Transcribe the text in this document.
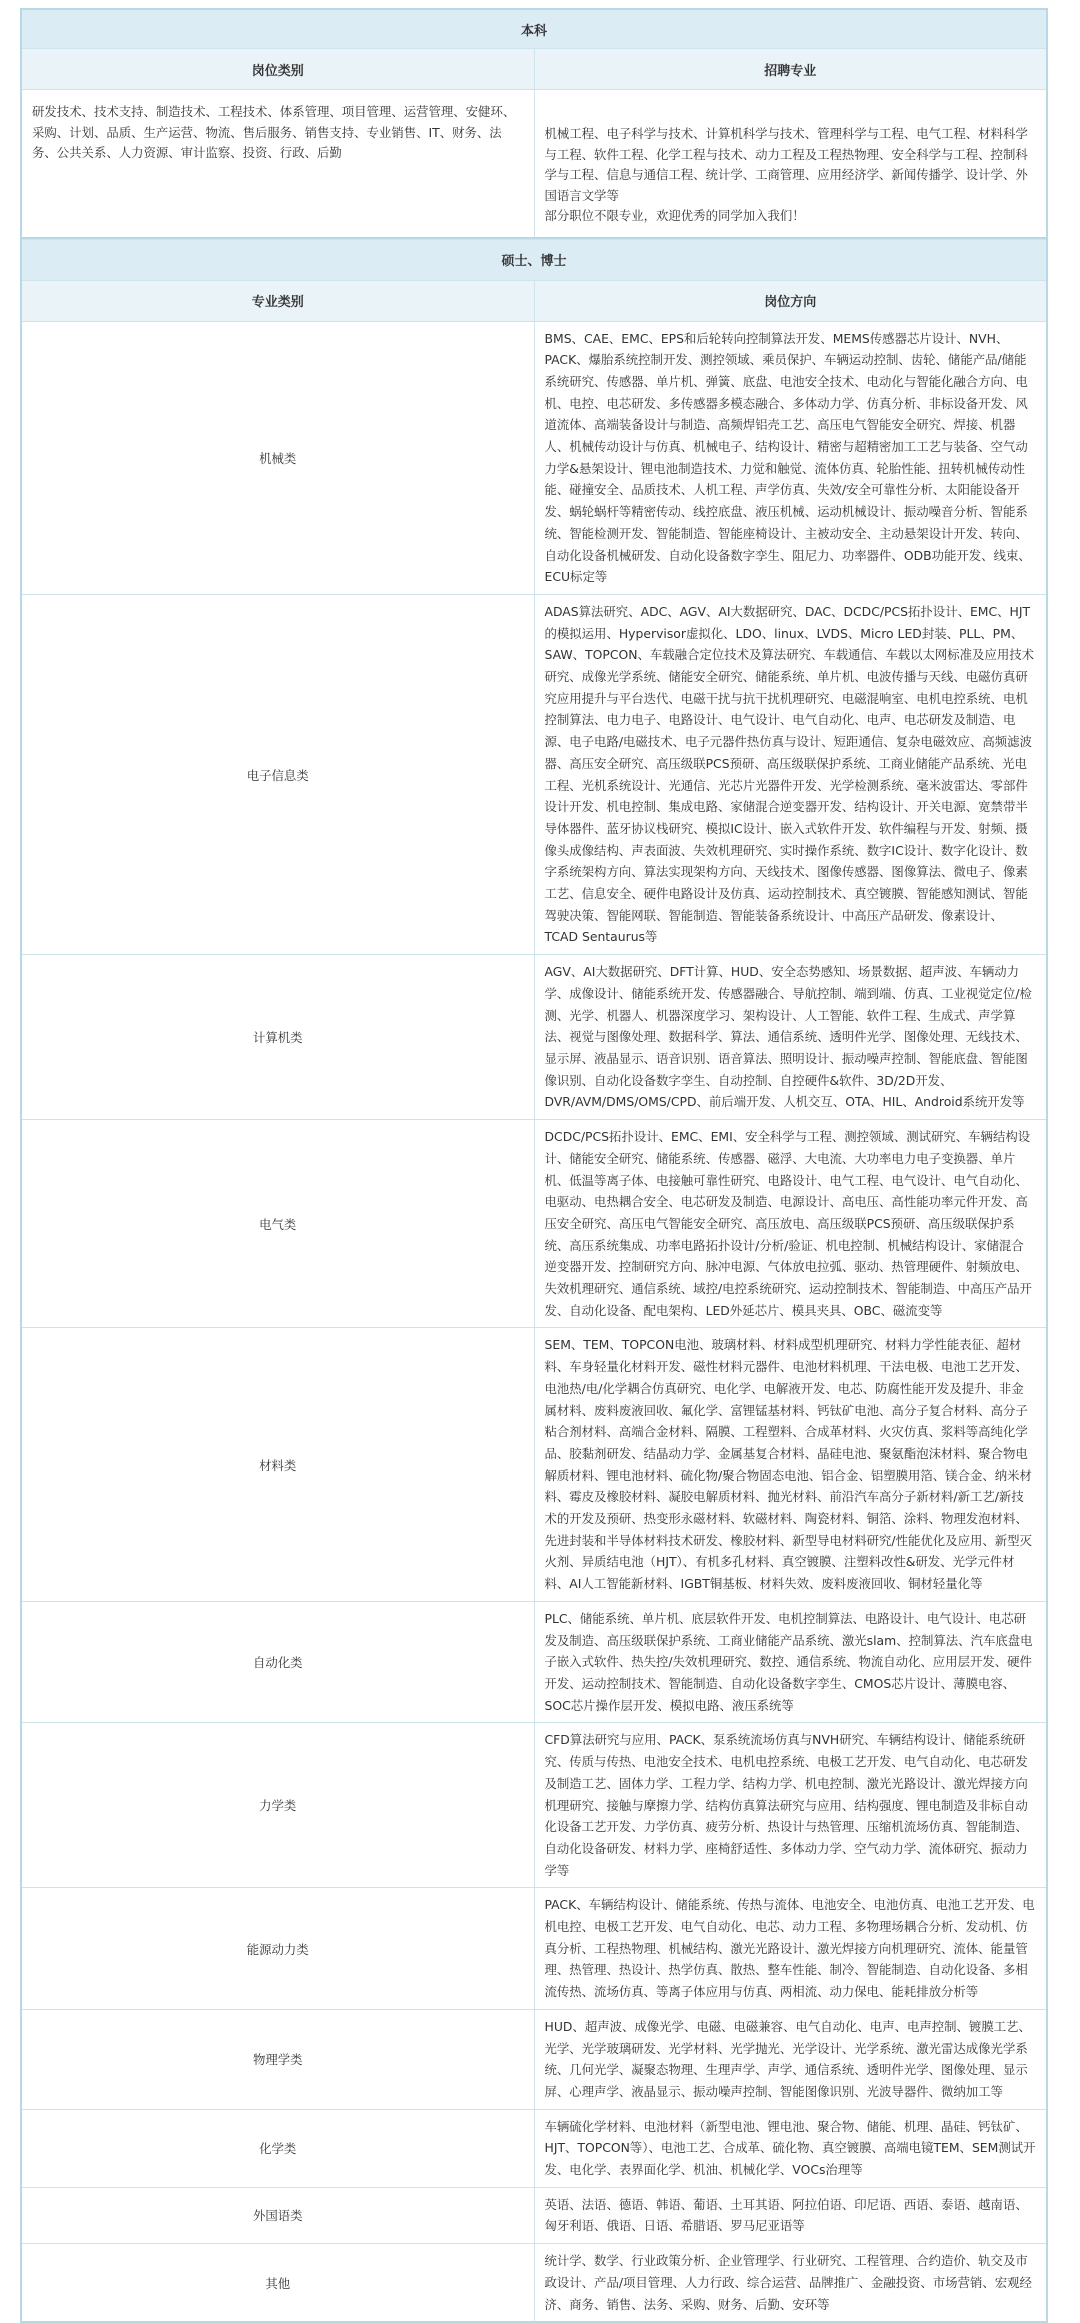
本科	
岗位类别	招聘专业
研发技术、技术支持、制造技术、工程技术、体系管理、项目管理、运营管理、安健环、采购、计划、品质、生产运营、物流、售后服务、销售支持、专业销售、IT、财务、法务、公共关系、人力资源、审计监察、投资、行政、后勤	机械工程、电子科学与技术、计算机科学与技术、管理科学与工程、电气工程、材料科学与工程、软件工程、化学工程与技术、动力工程及工程热物理、安全科学与工程、控制科学与工程、信息与通信工程、统计学、工商管理、应用经济学、新闻传播学、设计学、外国语言文学等
部分职位不限专业，欢迎优秀的同学加入我们！
硕士、博士	
专业类别	岗位方向
机械类	BMS、CAE、EMC、EPS和后轮转向控制算法开发、MEMS传感器芯片设计、NVH、PACK、爆胎系统控制开发、测控领域、乘员保护、车辆运动控制、齿轮、储能产品/储能系统研究、传感器、单片机、弹簧、底盘、电池安全技术、电动化与智能化融合方向、电机、电控、电芯研发、多传感器多模态融合、多体动力学、仿真分析、非标设备开发、风道流体、高端装备设计与制造、高频焊铝壳工艺、高压电气智能安全研究、焊接、机器人、机械传动设计与仿真、机械电子、结构设计、精密与超精密加工工艺与装备、空气动力学&悬架设计、锂电池制造技术、力觉和触觉、流体仿真、轮胎性能、扭转机械传动性能、碰撞安全、品质技术、人机工程、声学仿真、失效/安全可靠性分析、太阳能设备开发、蜗轮蜗杆等精密传动、线控底盘、液压机械、运动机械设计、振动噪音分析、智能系统、智能检测开发、智能制造、智能座椅设计、主被动安全、主动悬架设计开发、转向、自动化设备机械研发、自动化设备数字孪生、阻尼力、功率器件、ODB功能开发、线束、ECU标定等
电子信息类	ADAS算法研究、ADC、AGV、AI大数据研究、DAC、DCDC/PCS拓扑设计、EMC、HJT的模拟运用、Hypervisor虚拟化、LDO、linux、LVDS、Micro LED封装、PLL、PM、SAW、TOPCON、车载融合定位技术及算法研究、车载通信、车载以太网标准及应用技术研究、成像光学系统、储能安全研究、储能系统、单片机、电波传播与天线、电磁仿真研究应用提升与平台迭代、电磁干扰与抗干扰机理研究、电磁混响室、电机电控系统、电机控制算法、电力电子、电路设计、电气设计、电气自动化、电声、电芯研发及制造、电源、电子电路/电磁技术、电子元器件热仿真与设计、短距通信、复杂电磁效应、高频滤波器、高压安全研究、高压级联PCS预研、高压级联保护系统、工商业储能产品系统、光电工程、光机系统设计、光通信、光芯片光器件开发、光学检测系统、毫米波雷达、零部件设计开发、机电控制、集成电路、家储混合逆变器开发、结构设计、开关电源、宽禁带半导体器件、蓝牙协议栈研究、模拟IC设计、嵌入式软件开发、软件编程与开发、射频、摄像头成像结构、声表面波、失效机理研究、实时操作系统、数字IC设计、数字化设计、数字系统架构方向、算法实现架构方向、天线技术、图像传感器、图像算法、微电子、像素工艺、信息安全、硬件电路设计及仿真、运动控制技术、真空镀膜、智能感知测试、智能驾驶决策、智能网联、智能制造、智能装备系统设计、中高压产品研发、像素设计、TCAD Sentaurus等
计算机类	AGV、AI大数据研究、DFT计算、HUD、安全态势感知、场景数据、超声波、车辆动力学、成像设计、储能系统开发、传感器融合、导航控制、端到端、仿真、工业视觉定位/检测、光学、机器人、机器深度学习、架构设计、人工智能、软件工程、生成式、声学算法、视觉与图像处理、数据科学、算法、通信系统、透明件光学、图像处理、无线技术、显示屏、液晶显示、语音识别、语音算法、照明设计、振动噪声控制、智能底盘、智能图像识别、自动化设备数字孪生、自动控制、自控硬件&软件、3D/2D开发、DVR/AVM/DMS/OMS/CPD、前后端开发、人机交互、OTA、HIL、Android系统开发等
电气类	DCDC/PCS拓扑设计、EMC、EMI、安全科学与工程、测控领域、测试研究、车辆结构设计、储能安全研究、储能系统、传感器、磁浮、大电流、大功率电力电子变换器、单片机、低温等离子体、电接触可靠性研究、电路设计、电气工程、电气设计、电气自动化、电驱动、电热耦合安全、电芯研发及制造、电源设计、高电压、高性能功率元件开发、高压安全研究、高压电气智能安全研究、高压放电、高压级联PCS预研、高压级联保护系统、高压系统集成、功率电路拓扑设计/分析/验证、机电控制、机械结构设计、家储混合逆变器开发、控制研究方向、脉冲电源、气体放电拉弧、驱动、热管理硬件、射频放电、失效机理研究、通信系统、域控/电控系统研究、运动控制技术、智能制造、中高压产品开发、自动化设备、配电架构、LED外延芯片、模具夹具、OBC、磁流变等
材料类	SEM、TEM、TOPCON电池、玻璃材料、材料成型机理研究、材料力学性能表征、超材料、车身轻量化材料开发、磁性材料元器件、电池材料机理、干法电极、电池工艺开发、电池热/电/化学耦合仿真研究、电化学、电解液开发、电芯、防腐性能开发及提升、非金属材料、废料废液回收、氟化学、富锂锰基材料、钙钛矿电池、高分子复合材料、高分子粘合剂材料、高端合金材料、隔膜、工程塑料、合成革材料、火灾仿真、浆料等高纯化学品、胶黏剂研发、结晶动力学、金属基复合材料、晶硅电池、聚氨酯泡沫材料、聚合物电解质材料、锂电池材料、硫化物/聚合物固态电池、铝合金、铝塑膜用箔、镁合金、纳米材料、霉皮及橡胶材料、凝胶电解质材料、抛光材料、前沿汽车高分子新材料/新工艺/新技术的开发及预研、热变形永磁材料、软磁材料、陶瓷材料、铜箔、涂料、物理发泡材料、先进封装和半导体材料技术研发、橡胶材料、新型导电材料研究/性能优化及应用、新型灭火剂、异质结电池（HJT）、有机多孔材料、真空镀膜、注塑料改性&研发、光学元件材料、AI人工智能新材料、IGBT铜基板、材料失效、废料废液回收、铜材轻量化等
自动化类	PLC、储能系统、单片机、底层软件开发、电机控制算法、电路设计、电气设计、电芯研发及制造、高压级联保护系统、工商业储能产品系统、激光slam、控制算法、汽车底盘电子嵌入式软件、热失控/失效机理研究、数控、通信系统、物流自动化、应用层开发、硬件开发、运动控制技术、智能制造、自动化设备数字孪生、CMOS芯片设计、薄膜电容、SOC芯片操作层开发、模拟电路、液压系统等
力学类	CFD算法研究与应用、PACK、泵系统流场仿真与NVH研究、车辆结构设计、储能系统研究、传质与传热、电池安全技术、电机电控系统、电极工艺开发、电气自动化、电芯研发及制造工艺、固体力学、工程力学、结构力学、机电控制、激光光路设计、激光焊接方向机理研究、接触与摩擦力学、结构仿真算法研究与应用、结构强度、锂电制造及非标自动化设备工艺开发、力学仿真、疲劳分析、热设计与热管理、压缩机流场仿真、智能制造、自动化设备研发、材料力学、座椅舒适性、多体动力学、空气动力学、流体研究、振动力学等
能源动力类	PACK、车辆结构设计、储能系统、传热与流体、电池安全、电池仿真、电池工艺开发、电机电控、电极工艺开发、电气自动化、电芯、动力工程、多物理场耦合分析、发动机、仿真分析、工程热物理、机械结构、激光光路设计、激光焊接方向机理研究、流体、能量管理、热管理、热设计、热学仿真、散热、整车性能、制冷、智能制造、自动化设备、多相流传热、流场仿真、等离子体应用与仿真、两相流、动力保电、能耗排放分析等
物理学类	HUD、超声波、成像光学、电磁、电磁兼容、电气自动化、电声、电声控制、镀膜工艺、光学、光学玻璃研发、光学材料、光学抛光、光学设计、光学系统、激光雷达成像光学系统、几何光学、凝聚态物理、生理声学、声学、通信系统、透明件光学、图像处理、显示屏、心理声学、液晶显示、振动噪声控制、智能图像识别、光波导器件、微纳加工等
化学类	车辆硫化学材料、电池材料（新型电池、锂电池、聚合物、储能、机理、晶硅、钙钛矿、HJT、TOPCON等）、电池工艺、合成革、硫化物、真空镀膜、高端电镜TEM、SEM测试开发、电化学、表界面化学、机油、机械化学、VOCs治理等
外国语类	英语、法语、德语、韩语、葡语、土耳其语、阿拉伯语、印尼语、西语、泰语、越南语、匈牙利语、俄语、日语、希腊语、罗马尼亚语等
其他	统计学、数学、行业政策分析、企业管理学、行业研究、工程管理、合约造价、轨交及市政设计、产品/项目管理、人力行政、综合运营、品牌推广、金融投资、市场营销、宏观经济、商务、销售、法务、采购、财务、后勤、安环等
